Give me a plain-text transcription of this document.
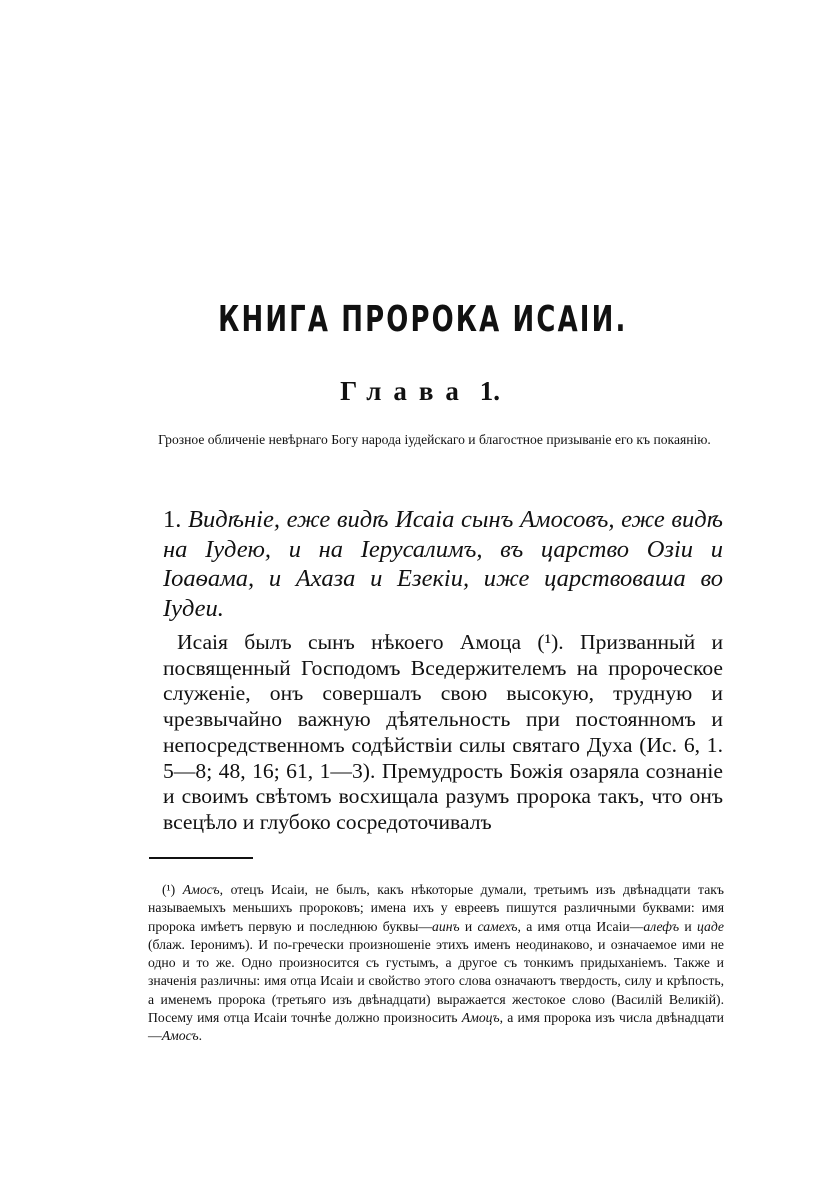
КНИГА ПРОРОКА ИСАIИ.
Глава 1.

Грозное обличенiе невѣрнаго Богу народа iудейскаго и благостное призыванiе его къ покаянiю.

1. Видѣнiе, еже видѣ Исаiа сынъ Амосовъ, еже видѣ на Iудею, и на Iерусалимъ, въ царство Озiи и Iоаѳама, и Ахаза и Езекiи, иже царствоваша во Iудеи.

Исаiя былъ сынъ нѣкоего Амоца (¹). Призванный и посвященный Господомъ Вседержителемъ на пророческое служенiе, онъ совершалъ свою высокую, трудную и чрезвычайно важную дѣятельность при постоянномъ и непосредственномъ содѣйствiи силы святаго Духа (Ис. 6, 1. 5—8; 48, 16; 61, 1—3). Премудрость Божiя озаряла сознанiе и своимъ свѣтомъ восхищала разумъ пророка такъ, что онъ всецѣло и глубоко сосредоточивалъ

(¹) Амосъ, отецъ Исаiи, не былъ, какъ нѣкоторые думали, третьимъ изъ двѣнадцати такъ называемыхъ меньшихъ пророковъ; имена ихъ у евреевъ пишутся различными буквами: имя пророка имѣетъ первую и последнюю буквы—аинъ и самехъ, а имя отца Исаiи—алефъ и цаде (блаж. Iеронимъ). И по-гречески произношенiе этихъ именъ неодинаково, и означаемое ими не одно и то же. Одно произносится съ густымъ, а другое съ тонкимъ придыханiемъ. Также и значенiя различны: имя отца Исаiи и свойство этого слова означаютъ твердость, силу и крѣпость, а именемъ пророка (третьяго изъ двѣнадцати) выражается жестокое слово (Василiй Великiй). Посему имя отца Исаiи точнѣе должно произносить Амоцъ, а имя пророка изъ числа двѣнадцати—Амосъ.
